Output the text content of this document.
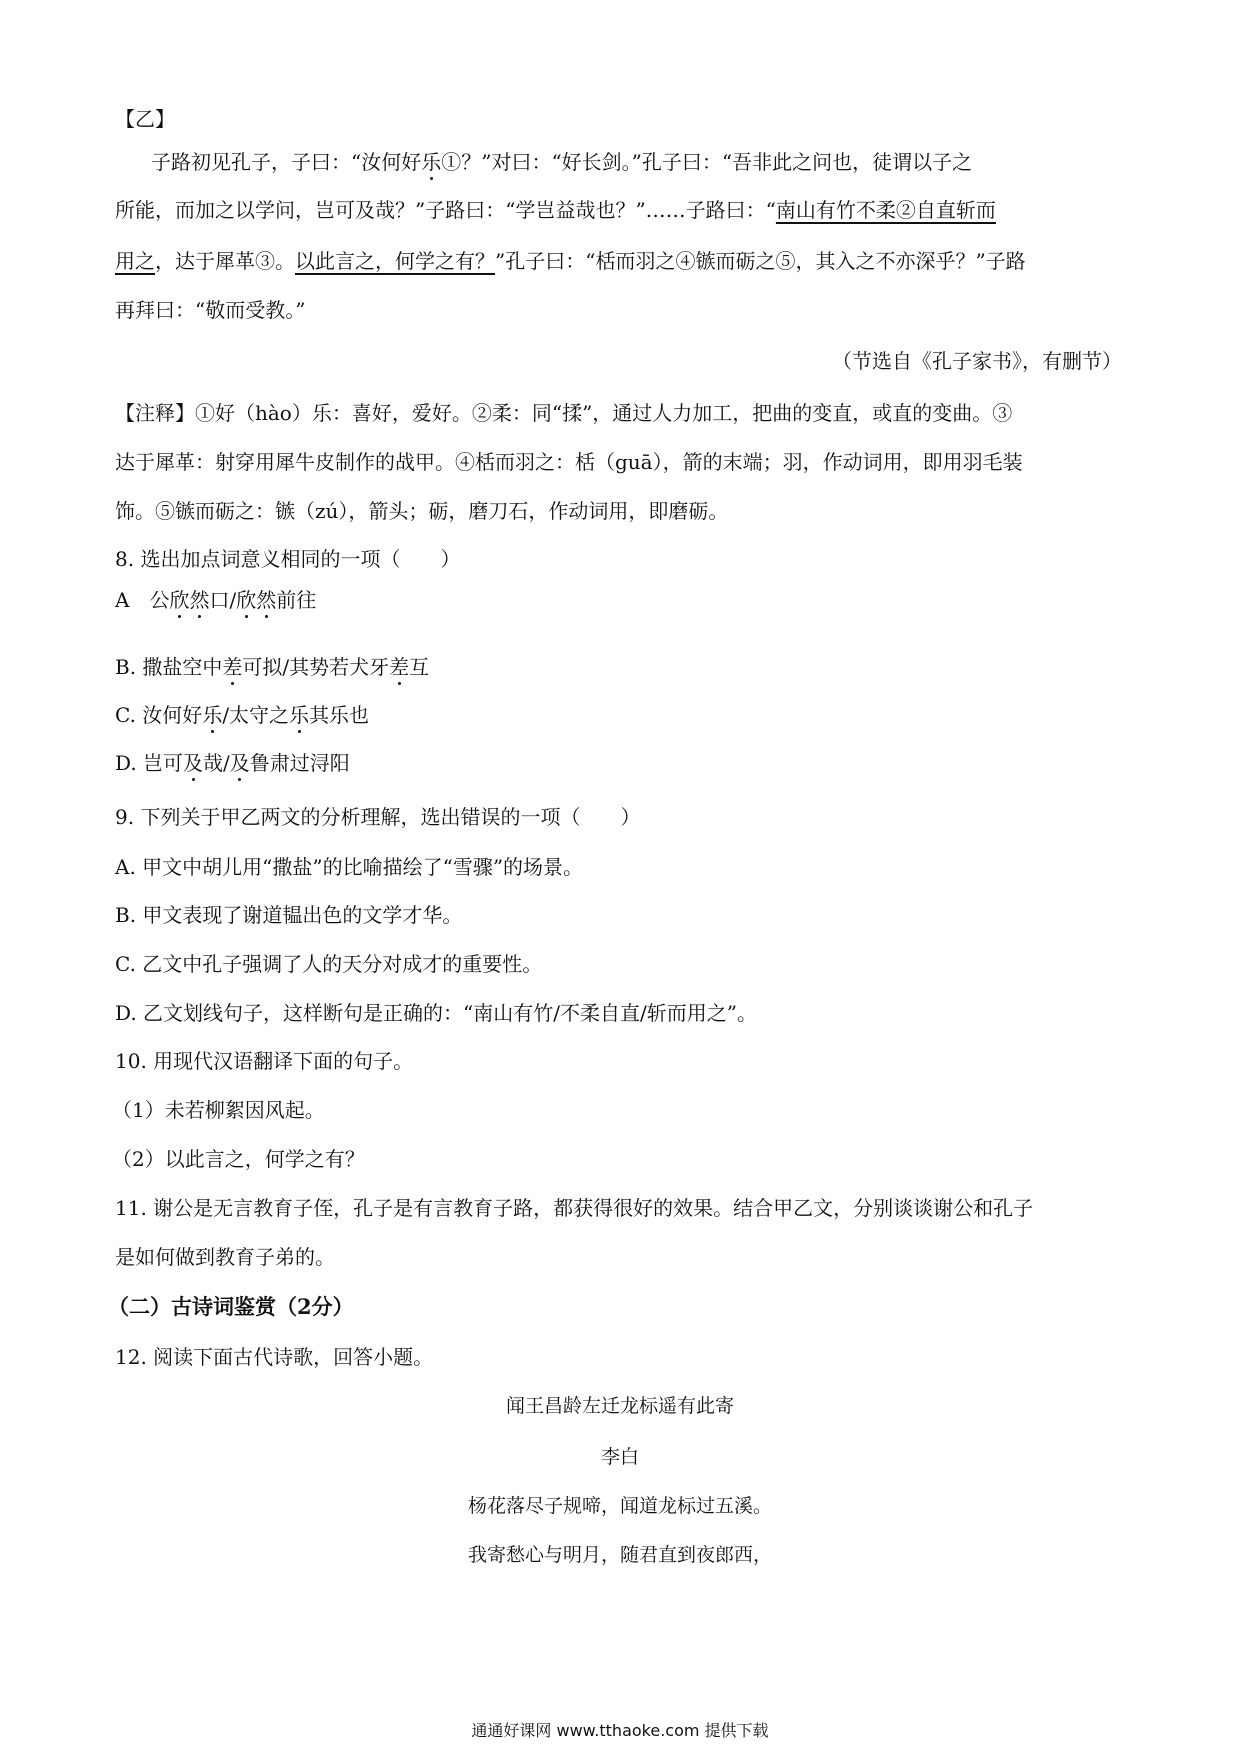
【乙】
子路初见孔子，子曰：“汝何好乐①？”对曰：“好长剑。”孔子曰：“吾非此之问也，徒谓以子之
所能，而加之以学问，岂可及哉？”子路曰：“学岂益哉也？”……子路曰：“南山有竹不柔②自直斩而
用之，达于犀革③。以此言之，何学之有？”孔子曰：“栝而羽之④镞而砺之⑤，其入之不亦深乎？”子路
再拜曰：“敬而受教。”
（节选自《孔子家书》，有删节）
【注释】①好（hào）乐：喜好，爱好。②柔：同“揉”，通过人力加工，把曲的变直，或直的变曲。③
达于犀革：射穿用犀牛皮制作的战甲。④栝而羽之：栝（guā），箭的末端；羽，作动词用，即用羽毛装
饰。⑤镞而砺之：镞（zú），箭头；砺，磨刀石，作动词用，即磨砺。
8. 选出加点词意义相同的一项（　　）
A　公欣然口/欣然前往
B. 撒盐空中差可拟/其势若犬牙差互
C. 汝何好乐/太守之乐其乐也
D. 岂可及哉/及鲁肃过浔阳
9. 下列关于甲乙两文的分析理解，选出错误的一项（　　）
A. 甲文中胡儿用“撒盐”的比喻描绘了“雪骤”的场景。
B. 甲文表现了谢道韫出色的文学才华。
C. 乙文中孔子强调了人的天分对成才的重要性。
D. 乙文划线句子，这样断句是正确的：“南山有竹/不柔自直/斩而用之”。
10. 用现代汉语翻译下面的句子。
（1）未若柳絮因风起。
（2）以此言之，何学之有？
11. 谢公是无言教育子侄，孔子是有言教育子路，都获得很好的效果。结合甲乙文，分别谈谈谢公和孔子
是如何做到教育子弟的。
（二）古诗词鉴赏（2分）
12. 阅读下面古代诗歌，回答小题。
闻王昌龄左迁龙标遥有此寄
李白
杨花落尽子规啼，闻道龙标过五溪。
我寄愁心与明月，随君直到夜郎西，
通通好课网 www.tthaoke.com 提供下载
